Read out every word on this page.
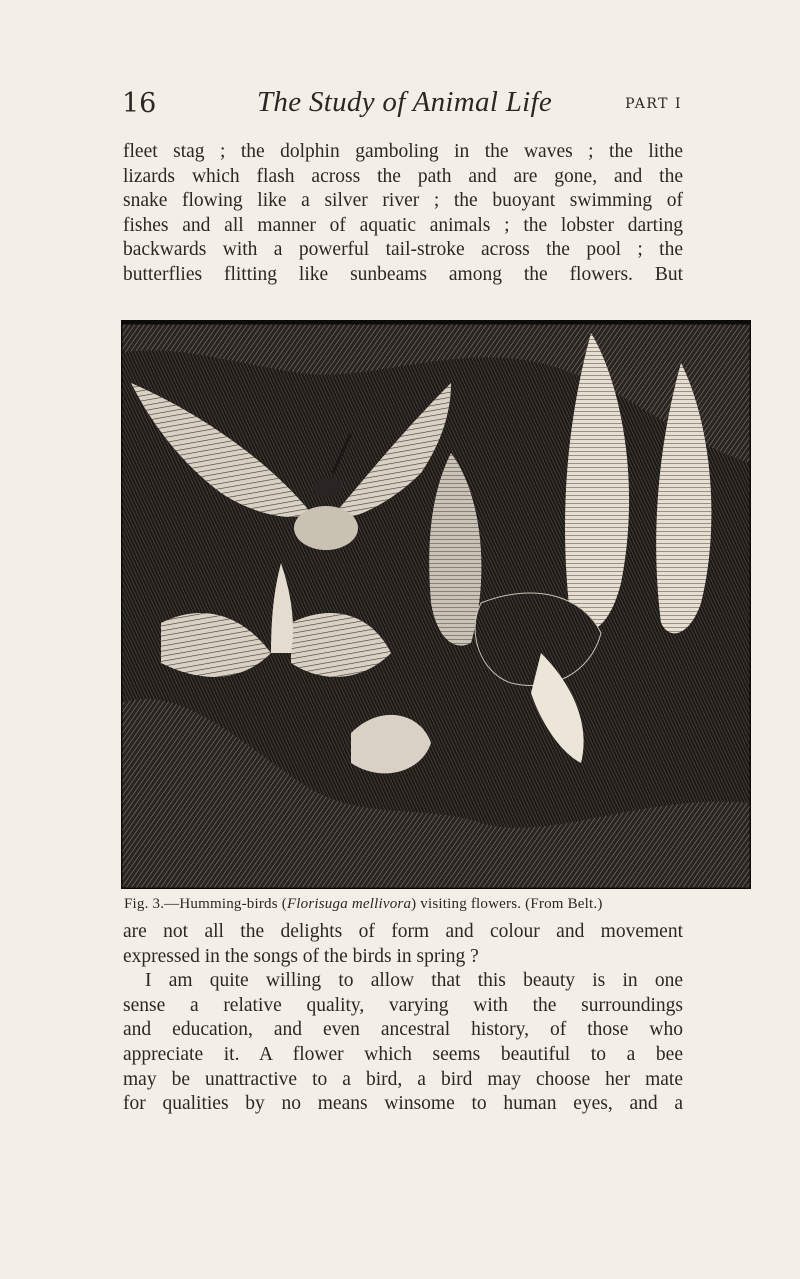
16	The Study of Animal Life	PART I
fleet stag ; the dolphin gamboling in the waves ; the lithe
lizards which flash across the path and are gone, and the
snake flowing like a silver river ; the buoyant swimming of
fishes and all manner of aquatic animals ; the lobster darting
backwards with a powerful tail-stroke across the pool ; the
butterflies flitting like sunbeams among the flowers. But
Fig. 3.—Humming-birds (Florisuga mellivora) visiting flowers. (From Belt.)
are not all the delights of form and colour and movement
expressed in the songs of the birds in spring ?
I am quite willing to allow that this beauty is in one
sense a relative quality, varying with the surroundings
and education, and even ancestral history, of those who
appreciate it. A flower which seems beautiful to a bee
may be unattractive to a bird, a bird may choose her mate
for qualities by no means winsome to human eyes, and a
